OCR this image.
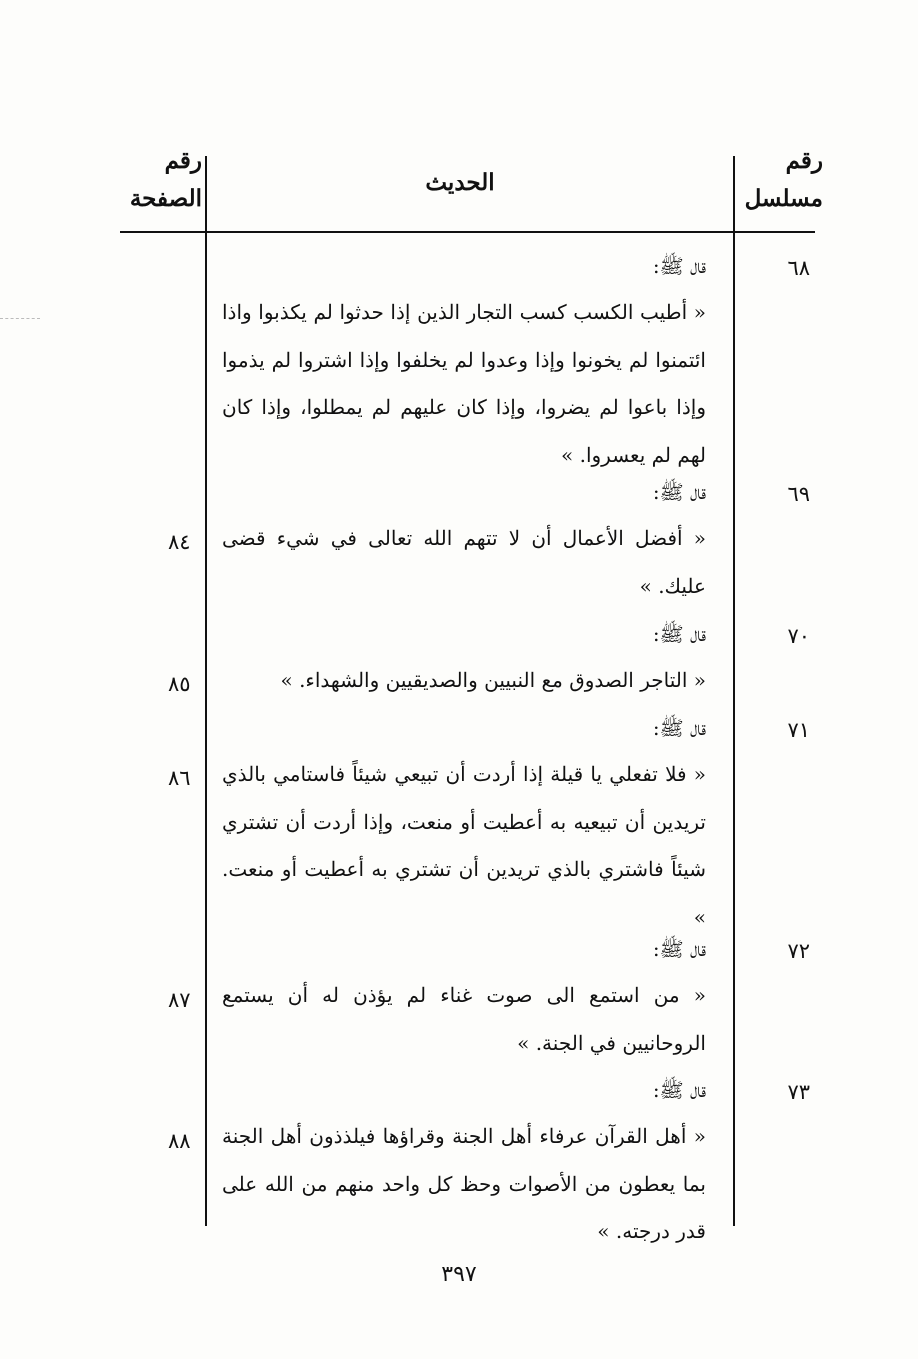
رقم
مسلسل
الحديث
رقم
الصفحة
٦٨
قال ﷺ:
« أطيب الكسب كسب التجار الذين إذا حدثوا لم يكذبوا واذا ائتمنوا لم يخونوا وإذا وعدوا لم يخلفوا وإذا اشتروا لم يذموا وإذا باعوا لم يضروا، وإذا كان عليهم لم يمطلوا، وإذا كان لهم لم يعسروا. »
٦٩
٨٤
قال ﷺ:
« أفضل الأعمال أن لا تتهم الله تعالى في شيء قضى عليك. »
٧٠
٨٥
قال ﷺ:
« التاجر الصدوق مع النبيين والصديقيين والشهداء. »
٧١
٨٦
قال ﷺ:
« فلا تفعلي يا قيلة إذا أردت أن تبيعي شيئاً فاستامي بالذي تريدين أن تبيعيه به أعطيت أو منعت، وإذا أردت أن تشتري شيئاً فاشتري بالذي تريدين أن تشتري به أعطيت أو منعت. »
٧٢
٨٧
قال ﷺ:
« من استمع الى صوت غناء لم يؤذن له أن يستمع الروحانيين في الجنة. »
٧٣
٨٨
قال ﷺ:
« أهل القرآن عرفاء أهل الجنة وقراؤها فيلذذون أهل الجنة بما يعطون من الأصوات وحظ كل واحد منهم من الله على قدر درجته. »
٣٩٧
